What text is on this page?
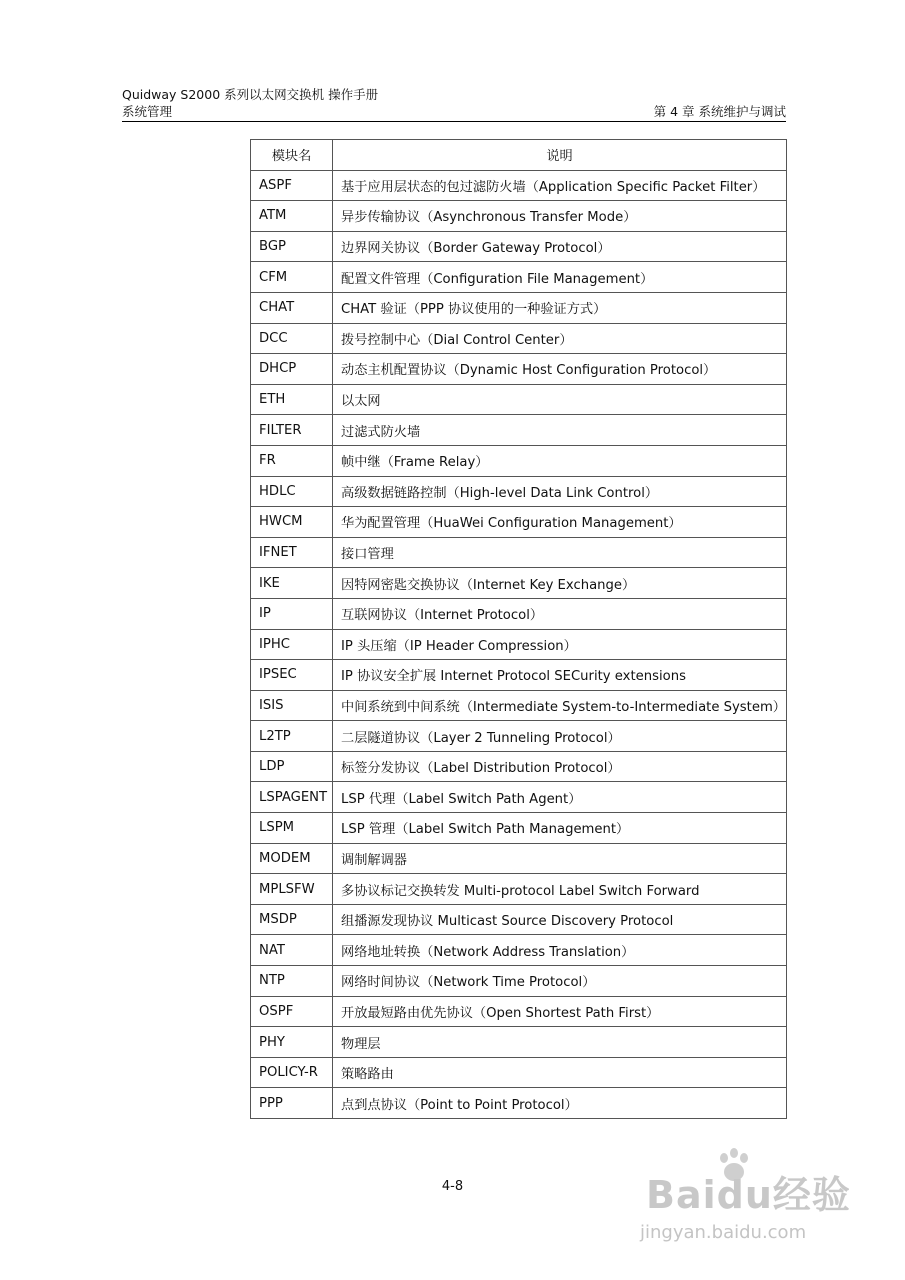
Quidway S2000 系列以太网交换机 操作手册
系统管理	第 4 章 系统维护与调试
模块名	说明
ASPF	基于应用层状态的包过滤防火墙（Application Specific Packet Filter）
ATM	异步传输协议（Asynchronous Transfer Mode）
BGP	边界网关协议（Border Gateway Protocol）
CFM	配置文件管理（Configuration File Management）
CHAT	CHAT 验证（PPP 协议使用的一种验证方式）
DCC	拨号控制中心（Dial Control Center）
DHCP	动态主机配置协议（Dynamic Host Configuration Protocol）
ETH	以太网
FILTER	过滤式防火墙
FR	帧中继（Frame Relay）
HDLC	高级数据链路控制（High-level Data Link Control）
HWCM	华为配置管理（HuaWei Configuration Management）
IFNET	接口管理
IKE	因特网密匙交换协议（Internet Key Exchange）
IP	互联网协议（Internet Protocol）
IPHC	IP 头压缩（IP Header Compression）
IPSEC	IP 协议安全扩展 Internet Protocol SECurity extensions
ISIS	中间系统到中间系统（Intermediate System-to-Intermediate System）
L2TP	二层隧道协议（Layer 2 Tunneling Protocol）
LDP	标签分发协议（Label Distribution Protocol）
LSPAGENT	LSP 代理（Label Switch Path Agent）
LSPM	LSP 管理（Label Switch Path Management）
MODEM	调制解调器
MPLSFW	多协议标记交换转发 Multi-protocol Label Switch Forward
MSDP	组播源发现协议 Multicast Source Discovery Protocol
NAT	网络地址转换（Network Address Translation）
NTP	网络时间协议（Network Time Protocol）
OSPF	开放最短路由优先协议（Open Shortest Path First）
PHY	物理层
POLICY-R	策略路由
PPP	点到点协议（Point to Point Protocol）
4-8	Baidu经验
jingyan.baidu.com
